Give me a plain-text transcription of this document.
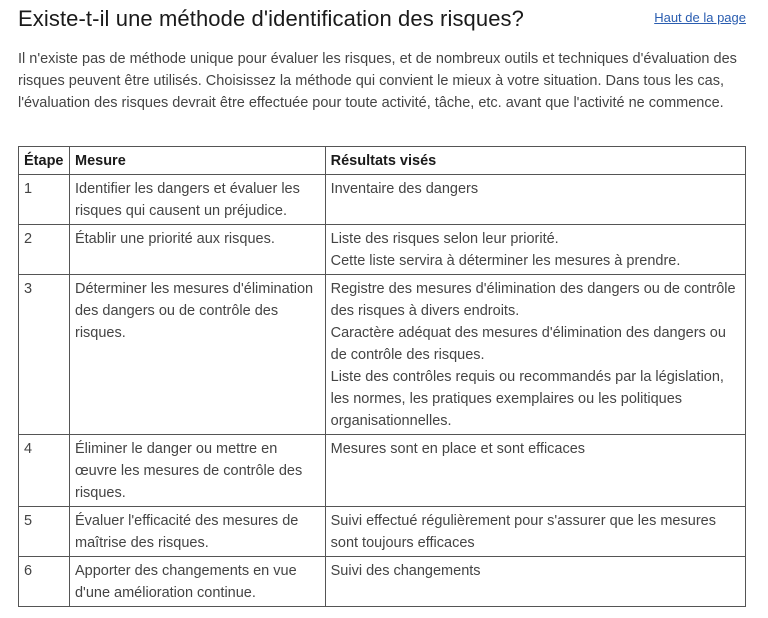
Existe-t-il une méthode d'identification des risques?	Haut de la page

Il n'existe pas de méthode unique pour évaluer les risques, et de nombreux outils et techniques d'évaluation des risques peuvent être utilisés. Choisissez la méthode qui convient le mieux à votre situation. Dans tous les cas, l'évaluation des risques devrait être effectuée pour toute activité, tâche, etc. avant que l'activité ne commence.

Étape	Mesure	Résultats visés
1	Identifier les dangers et évaluer les risques qui causent un préjudice.	Inventaire des dangers

2	Établir une priorité aux risques.	Liste des risques selon leur priorité.
Cette liste servira à déterminer les mesures à prendre.

3	Déterminer les mesures d'élimination des dangers ou de contrôle des risques.	Registre des mesures d'élimination des dangers ou de contrôle des risques à divers endroits.
Caractère adéquat des mesures d'élimination des dangers ou de contrôle des risques.
Liste des contrôles requis ou recommandés par la législation, les normes, les pratiques exemplaires ou les politiques organisationnelles.

4	Éliminer le danger ou mettre en œuvre les mesures de contrôle des risques.	Mesures sont en place et sont efficaces

5	Évaluer l'efficacité des mesures de maîtrise des risques.	Suivi effectué régulièrement pour s'assurer que les mesures sont toujours efficaces

6	Apporter des changements en vue d'une amélioration continue.	Suivi des changements
